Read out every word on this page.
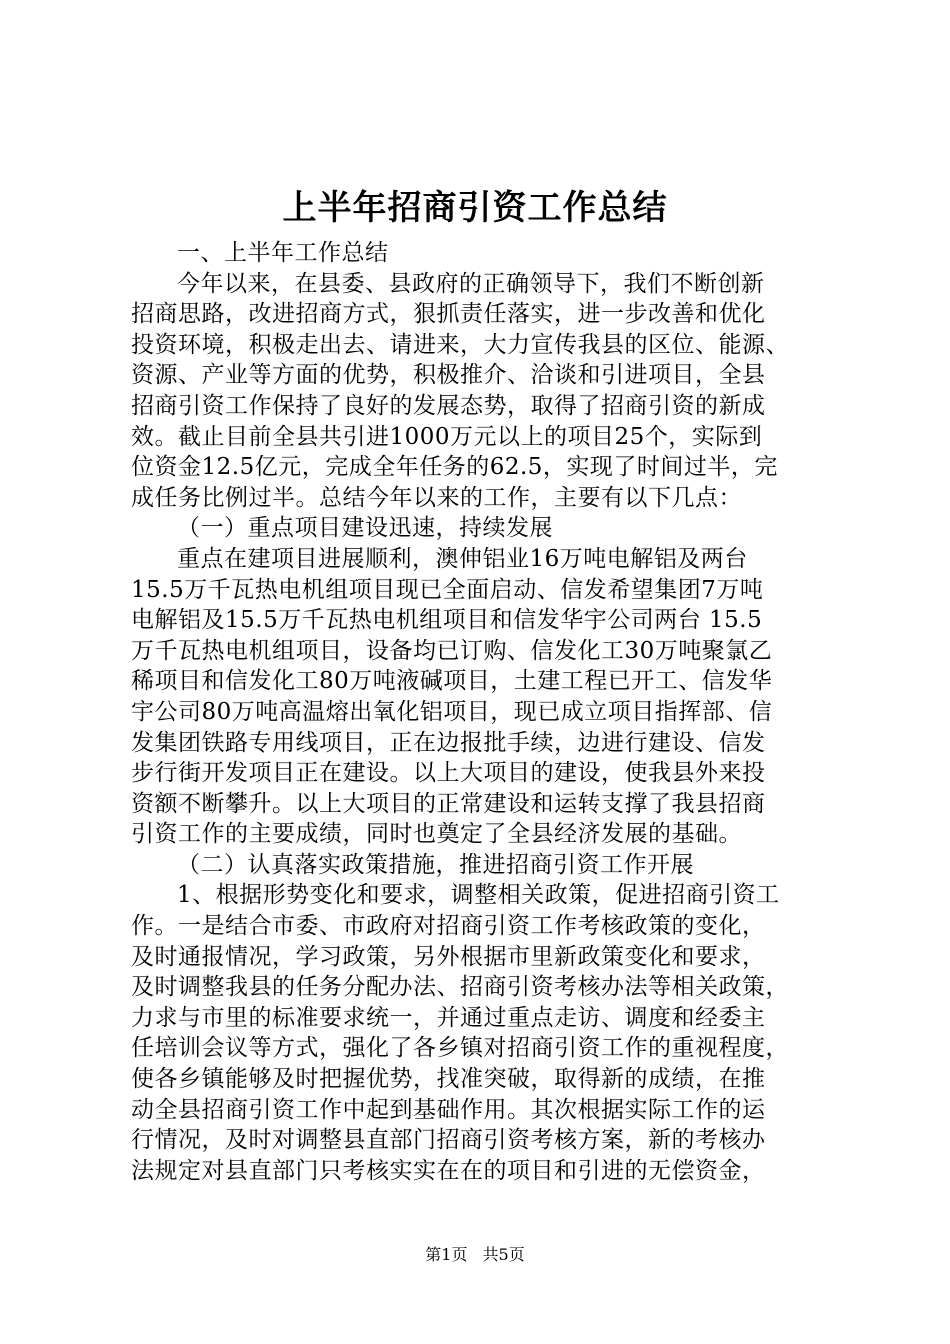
上半年招商引资工作总结
一、上半年工作总结
今年以来，在县委、县政府的正确领导下，我们不断创新
招商思路，改进招商方式，狠抓责任落实，进一步改善和优化
投资环境，积极走出去、请进来，大力宣传我县的区位、能源、
资源、产业等方面的优势，积极推介、洽谈和引进项目，全县
招商引资工作保持了良好的发展态势，取得了招商引资的新成
效。截止目前全县共引进1000万元以上的项目25个，实际到
位资金12.5亿元，完成全年任务的62.5，实现了时间过半，完
成任务比例过半。总结今年以来的工作，主要有以下几点：
（一）重点项目建设迅速，持续发展
重点在建项目进展顺利，澳伸铝业16万吨电解铝及两台
15.5万千瓦热电机组项目现已全面启动、信发希望集团7万吨
电解铝及15.5万千瓦热电机组项目和信发华宇公司两台 15.5
万千瓦热电机组项目，设备均已订购、信发化工30万吨聚氯乙
稀项目和信发化工80万吨液碱项目，土建工程已开工、信发华
宇公司80万吨高温熔出氧化铝项目，现已成立项目指挥部、信
发集团铁路专用线项目，正在边报批手续，边进行建设、信发
步行街开发项目正在建设。以上大项目的建设，使我县外来投
资额不断攀升。以上大项目的正常建设和运转支撑了我县招商
引资工作的主要成绩，同时也奠定了全县经济发展的基础。
（二）认真落实政策措施，推进招商引资工作开展
1、根据形势变化和要求，调整相关政策，促进招商引资工
作。一是结合市委、市政府对招商引资工作考核政策的变化，
及时通报情况，学习政策，另外根据市里新政策变化和要求，
及时调整我县的任务分配办法、招商引资考核办法等相关政策，
力求与市里的标准要求统一，并通过重点走访、调度和经委主
任培训会议等方式，强化了各乡镇对招商引资工作的重视程度，
使各乡镇能够及时把握优势，找准突破，取得新的成绩，在推
动全县招商引资工作中起到基础作用。其次根据实际工作的运
行情况，及时对调整县直部门招商引资考核方案，新的考核办
法规定对县直部门只考核实实在在的项目和引进的无偿资金，
第1页 共5页
